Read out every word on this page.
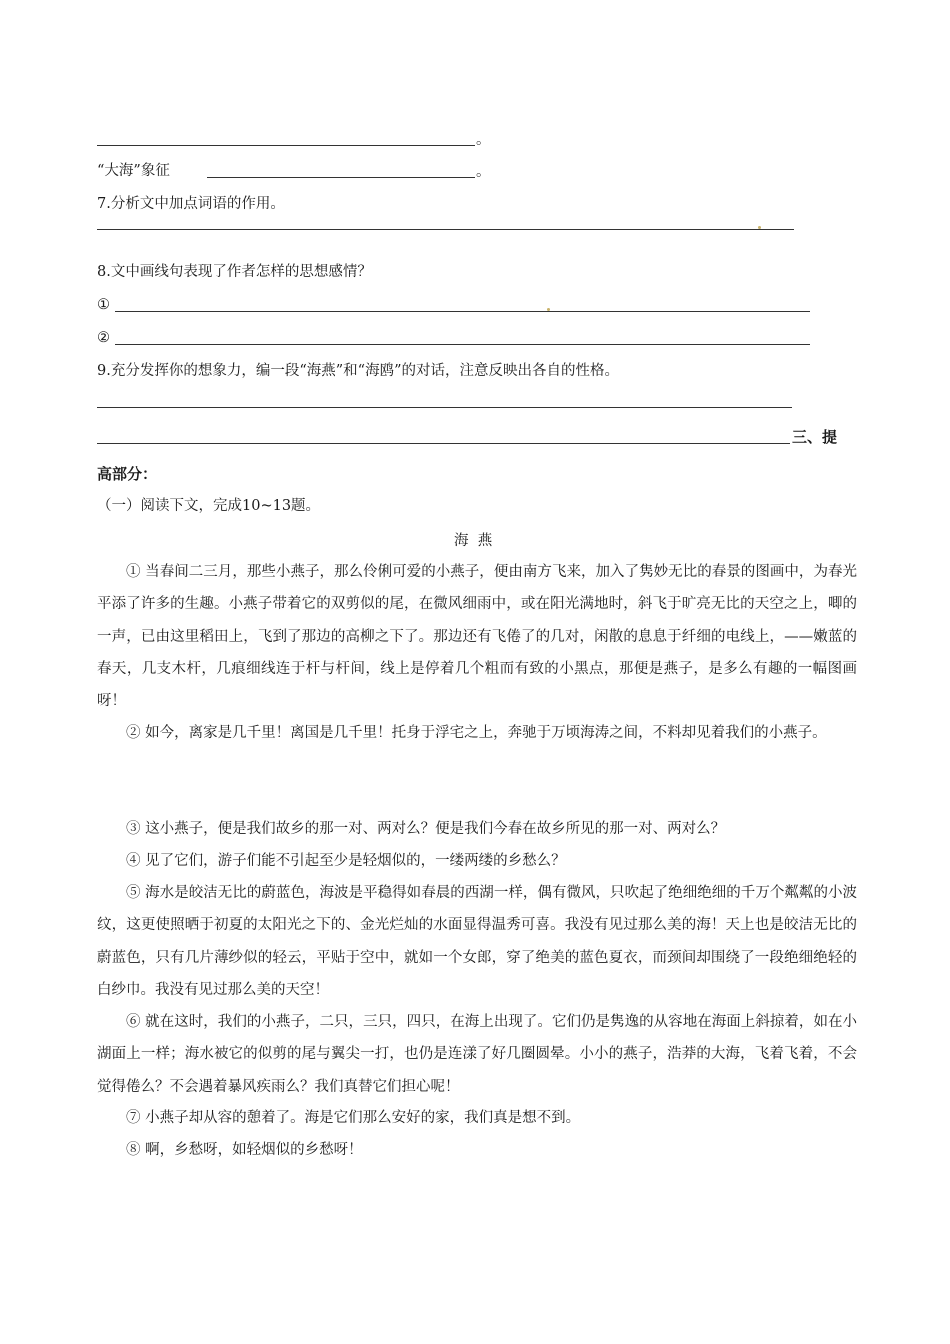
。
“大海”象征	。
7.分析文中加点词语的作用。
8.文中画线句表现了作者怎样的思想感情？
①
②
9.充分发挥你的想象力，编一段“海燕”和“海鸥”的对话，注意反映出各自的性格。
三、提
高部分：
（一）阅读下文，完成10~13题。
海  燕

① 当春间二三月，那些小燕子，那么伶俐可爱的小燕子，便由南方飞来，加入了隽妙无比的春景的图画中，为春光平添了许多的生趣。小燕子带着它的双剪似的尾，在微风细雨中，或在阳光满地时，斜飞于旷亮无比的天空之上，唧的一声，已由这里稻田上，飞到了那边的高柳之下了。那边还有飞倦了的几对，闲散的息息于纤细的电线上，——嫩蓝的春天，几支木杆，几痕细线连于杆与杆间，线上是停着几个粗而有致的小黑点，那便是燕子，是多么有趣的一幅图画呀！

② 如今，离家是几千里！离国是几千里！托身于浮宅之上，奔驰于万顷海涛之间，不料却见着我们的小燕子。

③ 这小燕子，便是我们故乡的那一对、两对么？便是我们今春在故乡所见的那一对、两对么？

④ 见了它们，游子们能不引起至少是轻烟似的，一缕两缕的乡愁么？

⑤ 海水是皎洁无比的蔚蓝色，海波是平稳得如春晨的西湖一样，偶有微风，只吹起了绝细绝细的千万个粼粼的小波纹，这更使照晒于初夏的太阳光之下的、金光烂灿的水面显得温秀可喜。我没有见过那么美的海！天上也是皎洁无比的蔚蓝色，只有几片薄纱似的轻云，平贴于空中，就如一个女郎，穿了绝美的蓝色夏衣，而颈间却围绕了一段绝细绝轻的白纱巾。我没有见过那么美的天空！

⑥ 就在这时，我们的小燕子，二只，三只，四只，在海上出现了。它们仍是隽逸的从容地在海面上斜掠着，如在小湖面上一样；海水被它的似剪的尾与翼尖一打，也仍是连漾了好几圈圆晕。小小的燕子，浩莽的大海，飞着飞着，不会觉得倦么？不会遇着暴风疾雨么？我们真替它们担心呢！

⑦ 小燕子却从容的憩着了。海是它们那么安好的家，我们真是想不到。

⑧ 啊，乡愁呀，如轻烟似的乡愁呀！
